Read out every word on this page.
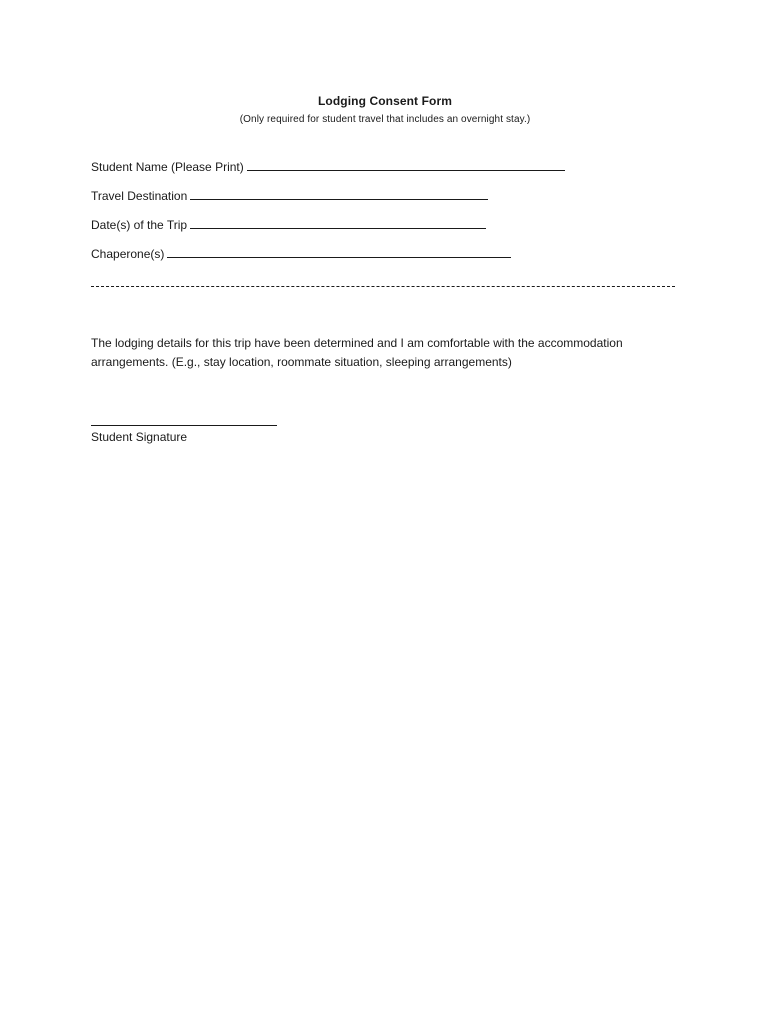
Lodging Consent Form
(Only required for student travel that includes an overnight stay.)
Student Name (Please Print)
Travel Destination
Date(s) of the Trip
Chaperone(s)
The lodging details for this trip have been determined and I am comfortable with the accommodation arrangements. (E.g., stay location, roommate situation, sleeping arrangements)
Student Signature
